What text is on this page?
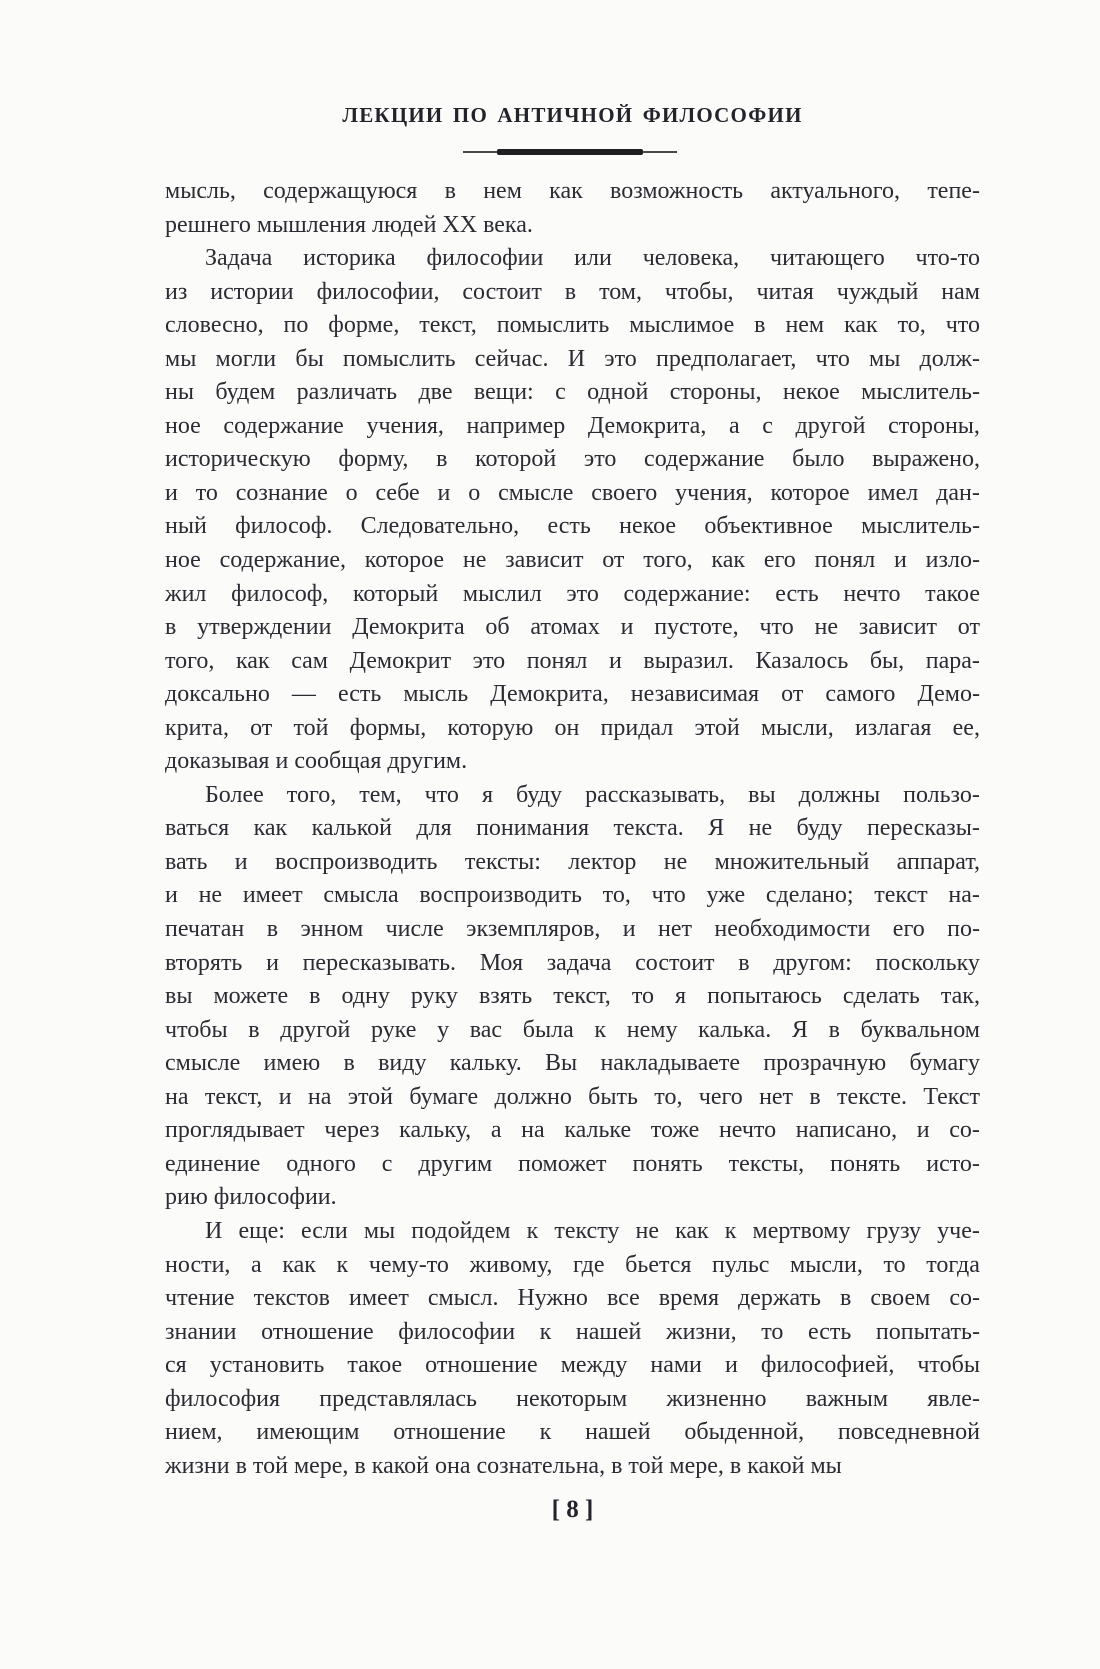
ЛЕКЦИИ ПО АНТИЧНОЙ ФИЛОСОФИИ
мысль, содержащуюся в нем как возможность актуального, тепе-
решнего мышления людей XX века.
Задача историка философии или человека, читающего что-то
из истории философии, состоит в том, чтобы, читая чуждый нам
словесно, по форме, текст, помыслить мыслимое в нем как то, что
мы могли бы помыслить сейчас. И это предполагает, что мы долж-
ны будем различать две вещи: с одной стороны, некое мыслитель-
ное содержание учения, например Демокрита, а с другой стороны,
историческую форму, в которой это содержание было выражено,
и то сознание о себе и о смысле своего учения, которое имел дан-
ный философ. Следовательно, есть некое объективное мыслитель-
ное содержание, которое не зависит от того, как его понял и изло-
жил философ, который мыслил это содержание: есть нечто такое
в утверждении Демокрита об атомах и пустоте, что не зависит от
того, как сам Демокрит это понял и выразил. Казалось бы, пара-
доксально — есть мысль Демокрита, независимая от самого Демо-
крита, от той формы, которую он придал этой мысли, излагая ее,
доказывая и сообщая другим.
Более того, тем, что я буду рассказывать, вы должны пользо-
ваться как калькой для понимания текста. Я не буду пересказы-
вать и воспроизводить тексты: лектор не множительный аппарат,
и не имеет смысла воспроизводить то, что уже сделано; текст на-
печатан в энном числе экземпляров, и нет необходимости его по-
вторять и пересказывать. Моя задача состоит в другом: поскольку
вы можете в одну руку взять текст, то я попытаюсь сделать так,
чтобы в другой руке у вас была к нему калька. Я в буквальном
смысле имею в виду кальку. Вы накладываете прозрачную бумагу
на текст, и на этой бумаге должно быть то, чего нет в тексте. Текст
проглядывает через кальку, а на кальке тоже нечто написано, и со-
единение одного с другим поможет понять тексты, понять исто-
рию философии.
И еще: если мы подойдем к тексту не как к мертвому грузу уче-
ности, а как к чему-то живому, где бьется пульс мысли, то тогда
чтение текстов имеет смысл. Нужно все время держать в своем со-
знании отношение философии к нашей жизни, то есть попытать-
ся установить такое отношение между нами и философией, чтобы
философия представлялась некоторым жизненно важным явле-
нием, имеющим отношение к нашей обыденной, повседневной
жизни в той мере, в какой она сознательна, в той мере, в какой мы
[ 8 ]
